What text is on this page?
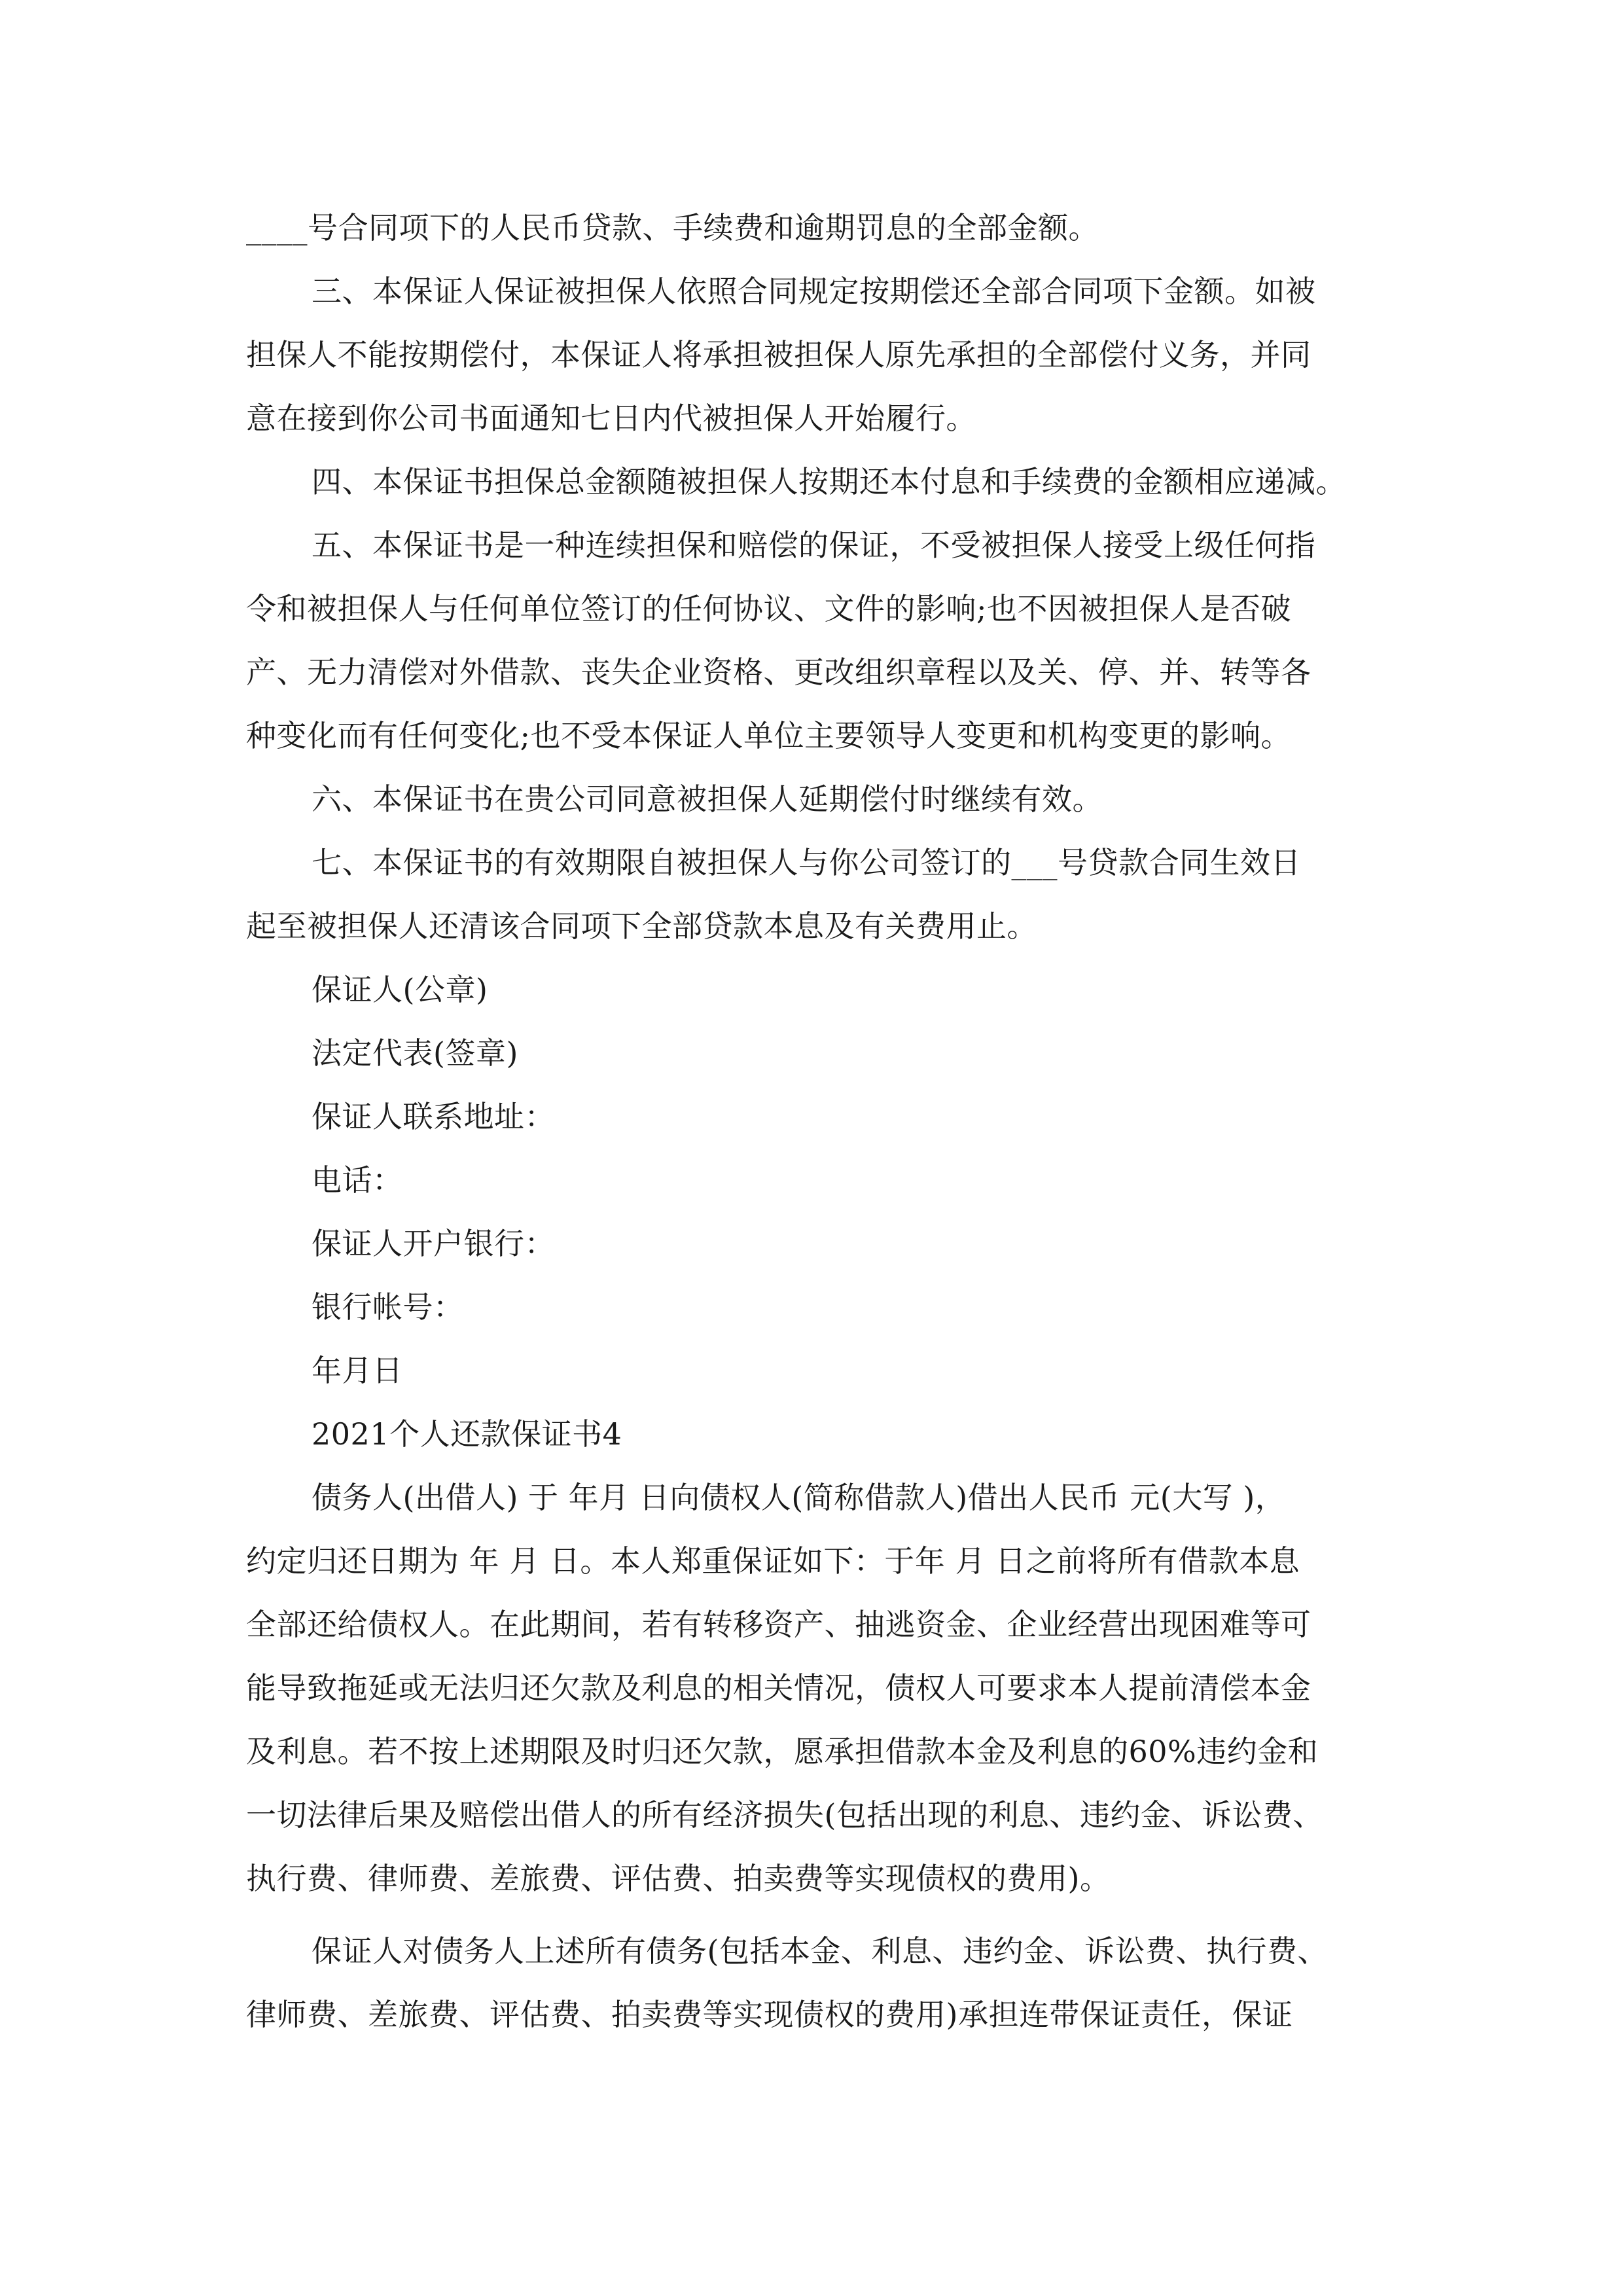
____号合同项下的人民币贷款、手续费和逾期罚息的全部金额。
三、本保证人保证被担保人依照合同规定按期偿还全部合同项下金额。如被
担保人不能按期偿付，本保证人将承担被担保人原先承担的全部偿付义务，并同
意在接到你公司书面通知七日内代被担保人开始履行。
四、本保证书担保总金额随被担保人按期还本付息和手续费的金额相应递减。
五、本保证书是一种连续担保和赔偿的保证，不受被担保人接受上级任何指
令和被担保人与任何单位签订的任何协议、文件的影响;也不因被担保人是否破
产、无力清偿对外借款、丧失企业资格、更改组织章程以及关、停、并、转等各
种变化而有任何变化;也不受本保证人单位主要领导人变更和机构变更的影响。
六、本保证书在贵公司同意被担保人延期偿付时继续有效。
七、本保证书的有效期限自被担保人与你公司签订的___号贷款合同生效日
起至被担保人还清该合同项下全部贷款本息及有关费用止。
保证人(公章)
法定代表(签章)
保证人联系地址：
电话：
保证人开户银行：
银行帐号：
年月日
2021个人还款保证书4
债务人(出借人) 于 年月 日向债权人(简称借款人)借出人民币 元(大写 )，
约定归还日期为 年 月 日。本人郑重保证如下：于年 月 日之前将所有借款本息
全部还给债权人。在此期间，若有转移资产、抽逃资金、企业经营出现困难等可
能导致拖延或无法归还欠款及利息的相关情况，债权人可要求本人提前清偿本金
及利息。若不按上述期限及时归还欠款，愿承担借款本金及利息的60%违约金和
一切法律后果及赔偿出借人的所有经济损失(包括出现的利息、违约金、诉讼费、
执行费、律师费、差旅费、评估费、拍卖费等实现债权的费用)。
保证人对债务人上述所有债务(包括本金、利息、违约金、诉讼费、执行费、
律师费、差旅费、评估费、拍卖费等实现债权的费用)承担连带保证责任，保证
